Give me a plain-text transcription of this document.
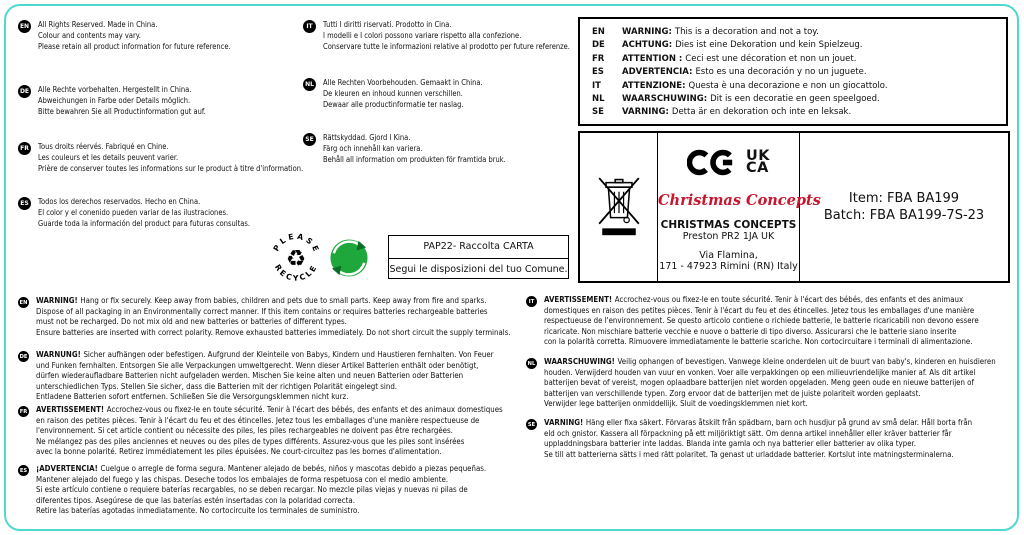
EN All Rights Reserved. Made in China.
Colour and contents may vary.
Please retain all product information for future reference.
DE Alle Rechte vorbehalten. Hergestellt in China.
Abweichungen in Farbe oder Details möglich.
Bitte bewahren Sie all Productinformation gut auf.
FR Tous droits réervés. Fabriqué en Chine.
Les couleurs et les details peuvent varier.
Prière de conserver toutes les informations sur le product à titre d'information.
ES Todos los derechos reservados. Hecho en China.
El color y el conenido pueden variar de las ilustraciones.
Guarde toda la información del product para futuras consultas.
IT	Tutti I diritti riservati. Prodotto in Cina.
I modelli e I colori possono variare rispetto alla confezione.
Conservare tutte le informazioni relative al prodotto per future referenze.
NL Alle Rechten Voorbehouden. Gemaakt in China.
De kleuren en inhoud kunnen verschillen.
Dewaar alle productinformatie ter naslag.
SE Rättskyddad. Gjord I Kina.
Färg och innehåll kan variera.
Behåll all information om produkten för framtida bruk.
EN WARNING: This is a decoration and not a toy.
DE ACHTUNG: Dies ist eine Dekoration und kein Spielzeug.
FR ATTENTION : Ceci est une décoration et non un jouet.
ES ADVERTENCIA: Esto es una decoración y no un juguete.
IT ATTENZIONE: Questa è una decorazione e non un giocattolo.
NL WAARSCHUWING: Dit is een decoratie en geen speelgoed.
SE VARNING: Detta är en dekoration och inte en leksak.
UK
CA
Christmas Concepts
CHRISTMAS CONCEPTS
Preston PR2 1JA UK
Via Flamina,
171 - 47923 Rimini (RN) Italy
Item: FBA BA199
Batch: FBA BA199-7S-23
PLEASE
RECYCLE
♻	PAP22- Raccolta CARTA
Segui le disposizioni del tuo Comune.
EN WARNING! Hang or fix securely. Keep away from babies, children and pets due to small parts. Keep away from fire and sparks.
Dispose of all packaging in an Environmentally correct manner. If this item contains or requires batteries rechargeable batteries
must not be recharged. Do not mix old and new batteries or batteries of different types.
Ensure batteries are inserted with correct polarity. Remove exhausted batteries immediately. Do not short circuit the supply terminals.
DE WARNUNG! Sicher aufhängen oder befestigen. Aufgrund der Kleinteile von Babys, Kindern und Haustieren fernhalten. Von Feuer
und Funken fernhalten. Entsorgen Sie alle Verpackungen umweltgerecht. Wenn dieser Artikel Batterien enthält oder benötigt,
dürfen wiederaufladbare Batterien nicht aufgeladen werden. Mischen Sie keine alten und neuen Batterien oder Batterien
unterschiedlichen Typs. Stellen Sie sicher, dass die Batterien mit der richtigen Polarität eingelegt sind.
Entladene Batterien sofort entfernen. Schließen Sie die Versorgungsklemmen nicht kurz.
FR AVERTISSEMENT! Accrochez-vous ou fixez-le en toute sécurité. Tenir à l'écart des bébés, des enfants et des animaux domestiques
en raison des petites pièces. Tenir à l'écart du feu et des étincelles. Jetez tous les emballages d'une manière respectueuse de
l'environnement. Si cet article contient ou nécessite des piles, les piles rechargeables ne doivent pas être rechargées.
Ne mélangez pas des piles anciennes et neuves ou des piles de types différents. Assurez-vous que les piles sont insérées
avec la bonne polarité. Retirez immédiatement les piles épuisées. Ne court-circuitez pas les bornes d'alimentation.
ES ¡ADVERTENCIA! Cuelgue o arregle de forma segura. Mantener alejado de bebés, niños y mascotas debido a piezas pequeñas.
Mantener alejado del fuego y las chispas. Deseche todos los embalajes de forma respetuosa con el medio ambiente.
Si este artículo contiene o requiere baterías recargables, no se deben recargar. No mezcle pilas viejas y nuevas ni pilas de
diferentes tipos. Asegúrese de que las baterías estén insertadas con la polaridad correcta.
Retire las baterías agotadas inmediatamente. No cortocircuite los terminales de suministro.
IT	AVERTISSEMENT! Accrochez-vous ou fixez-le en toute sécurité. Tenir à l'écart des bébés, des enfants et des animaux
domestiques en raison des petites pièces. Tenir à l'écart du feu et des étincelles. Jetez tous les emballages d'une manière
respectueuse de l'environnement. Se questo articolo contiene o richiede batterie, le batterie ricaricabili non devono essere
ricaricate. Non mischiare batterie vecchie e nuove o batterie di tipo diverso. Assicurarsi che le batterie siano inserite
con la polarità corretta. Rimuovere immediatamente le batterie scariche. Non cortocircuitare i terminali di alimentazione.
NL WAARSCHUWING! Veilig ophangen of bevestigen. Vanwege kleine onderdelen uit de buurt van baby's, kinderen en huisdieren
houden. Verwijderd houden van vuur en vonken. Voer alle verpakkingen op een milieuvriendelijke manier af. Als dit artikel
batterijen bevat of vereist, mogen oplaadbare batterijen niet worden opgeladen. Meng geen oude en nieuwe batterijen of
batterijen van verschillende typen. Zorg ervoor dat de batterijen met de juiste polariteit worden geplaatst.
Verwijder lege batterijen onmiddellijk. Sluit de voedingsklemmen niet kort.
SE VARNING! Häng eller fixa säkert. Förvaras åtskilt från spädbarn, barn och husdjur på grund av små delar. Håll borta från
eld och gnistor. Kassera all förpackning på ett miljöriktigt sätt. Om denna artikel innehåller eller kräver batterier får
uppladdningsbara batterier inte laddas. Blanda inte gamla och nya batterier eller batterier av olika typer.
Se till att batterierna sätts i med rätt polaritet. Ta genast ut urladdade batterier. Kortslut inte matningsterminalerna.
